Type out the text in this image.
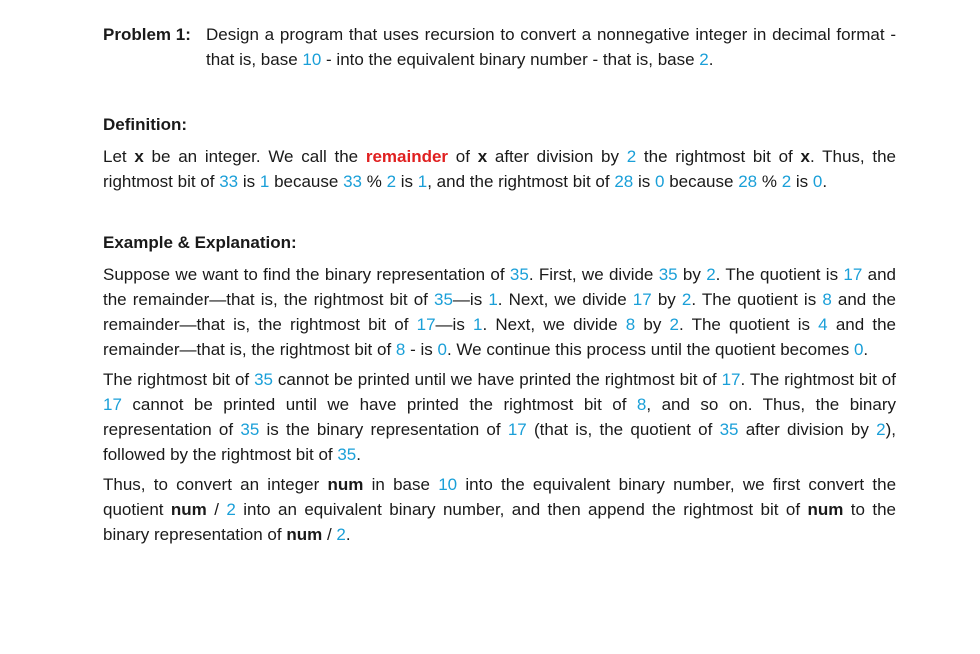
Problem 1: Design a program that uses recursion to convert a nonnegative integer in decimal format - that is, base 10 - into the equivalent binary number - that is, base 2.
Definition:

Let x be an integer. We call the remainder of x after division by 2 the rightmost bit of x. Thus, the rightmost bit of 33 is 1 because 33 % 2 is 1, and the rightmost bit of 28 is 0 because 28 % 2 is 0.

Example & Explanation:

Suppose we want to find the binary representation of 35. First, we divide 35 by 2. The quotient is 17 and the remainder—that is, the rightmost bit of 35—is 1. Next, we divide 17 by 2. The quotient is 8 and the remainder—that is, the rightmost bit of 17—is 1. Next, we divide 8 by 2. The quotient is 4 and the remainder—that is, the rightmost bit of 8 - is 0. We continue this process until the quotient becomes 0.

The rightmost bit of 35 cannot be printed until we have printed the rightmost bit of 17. The rightmost bit of 17 cannot be printed until we have printed the rightmost bit of 8, and so on. Thus, the binary representation of 35 is the binary representation of 17 (that is, the quotient of 35 after division by 2), followed by the rightmost bit of 35.

Thus, to convert an integer num in base 10 into the equivalent binary number, we first convert the quotient num / 2 into an equivalent binary number, and then append the rightmost bit of num to the binary representation of num / 2.
